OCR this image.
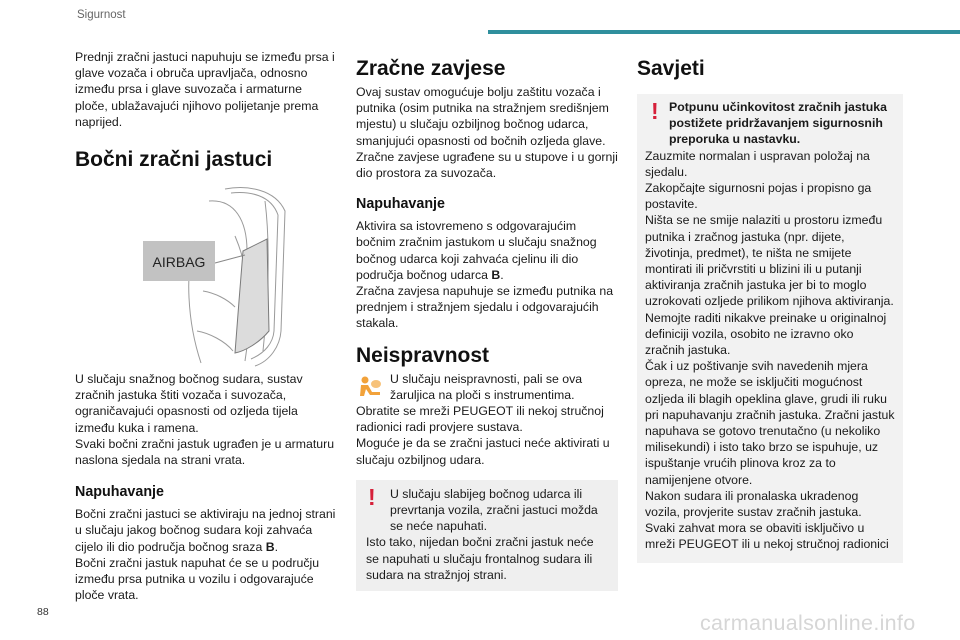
Sigurnost

Prednji zračni jastuci napuhuju se između prsa i glave vozača i obruča upravljača, odnosno između prsa i glave suvozača i armaturne ploče, ublažavajući njihovo polijetanje prema naprijed.

Bočni zračni jastuci
AIRBAG

U slučaju snažnog bočnog sudara, sustav zračnih jastuka štiti vozača i suvozača, ograničavajući opasnosti od ozljeda tijela između kuka i ramena.

Svaki bočni zračni jastuk ugrađen je u armaturu naslona sjedala na strani vrata.

Napuhavanje

Bočni zračni jastuci se aktiviraju na jednoj strani u slučaju jakog bočnog sudara koji zahvaća cijelo ili dio područja bočnog sraza B.

Bočni zračni jastuk napuhat će se u području između prsa putnika u vozilu i odgovarajuće ploče vrata.

Zračne zavjese

Ovaj sustav omogućuje bolju zaštitu vozača i putnika (osim putnika na stražnjem središnjem mjestu) u slučaju ozbiljnog bočnog udarca, smanjujući opasnosti od bočnih ozljeda glave.

Zračne zavjese ugrađene su u stupove i u gornji dio prostora za suvozača.

Napuhavanje

Aktivira sa istovremeno s odgovarajućim bočnim zračnim jastukom u slučaju snažnog bočnog udarca koji zahvaća cjelinu ili dio područja bočnog udarca B.

Zračna zavjesa napuhuje se između putnika na prednjem i stražnjem sjedalu i odgovarajućih stakala.

Neispravnost

U slučaju neispravnosti, pali se ova žaruljica na ploči s instrumentima.

Obratite se mreži PEUGEOT ili nekoj stručnoj radionici radi provjere sustava.

Moguće je da se zračni jastuci neće aktivirati u slučaju ozbiljnog udara.

! U slučaju slabijeg bočnog udarca ili prevrtanja vozila, zračni jastuci možda se neće napuhati.

Isto tako, nijedan bočni zračni jastuk neće se napuhati u slučaju frontalnog sudara ili sudara na stražnjoj strani.

Savjeti
! Potpunu učinkovitost zračnih jastuka postižete pridržavanjem sigurnosnih preporuka u nastavku.

Zauzmite normalan i uspravan položaj na sjedalu.

Zakopčajte sigurnosni pojas i propisno ga postavite.

Ništa se ne smije nalaziti u prostoru između putnika i zračnog jastuka (npr. dijete, životinja, predmet), te ništa ne smijete montirati ili pričvrstiti u blizini ili u putanji aktiviranja zračnih jastuka jer bi to moglo uzrokovati ozljede prilikom njihova aktiviranja.

Nemojte raditi nikakve preinake u originalnoj definiciji vozila, osobito ne izravno oko zračnih jastuka.

Čak i uz poštivanje svih navedenih mjera opreza, ne može se isključiti mogućnost ozljeda ili blagih opeklina glave, grudi ili ruku pri napuhavanju zračnih jastuka. Zračni jastuk napuhava se gotovo trenutačno (u nekoliko milisekundi) i isto tako brzo se ispuhuje, uz ispuštanje vrućih plinova kroz za to namijenjene otvore.

Nakon sudara ili pronalaska ukradenog vozila, provjerite sustav zračnih jastuka.

Svaki zahvat mora se obaviti isključivo u mreži PEUGEOT ili u nekoj stručnoj radionici

88	carmanualsonline.info
